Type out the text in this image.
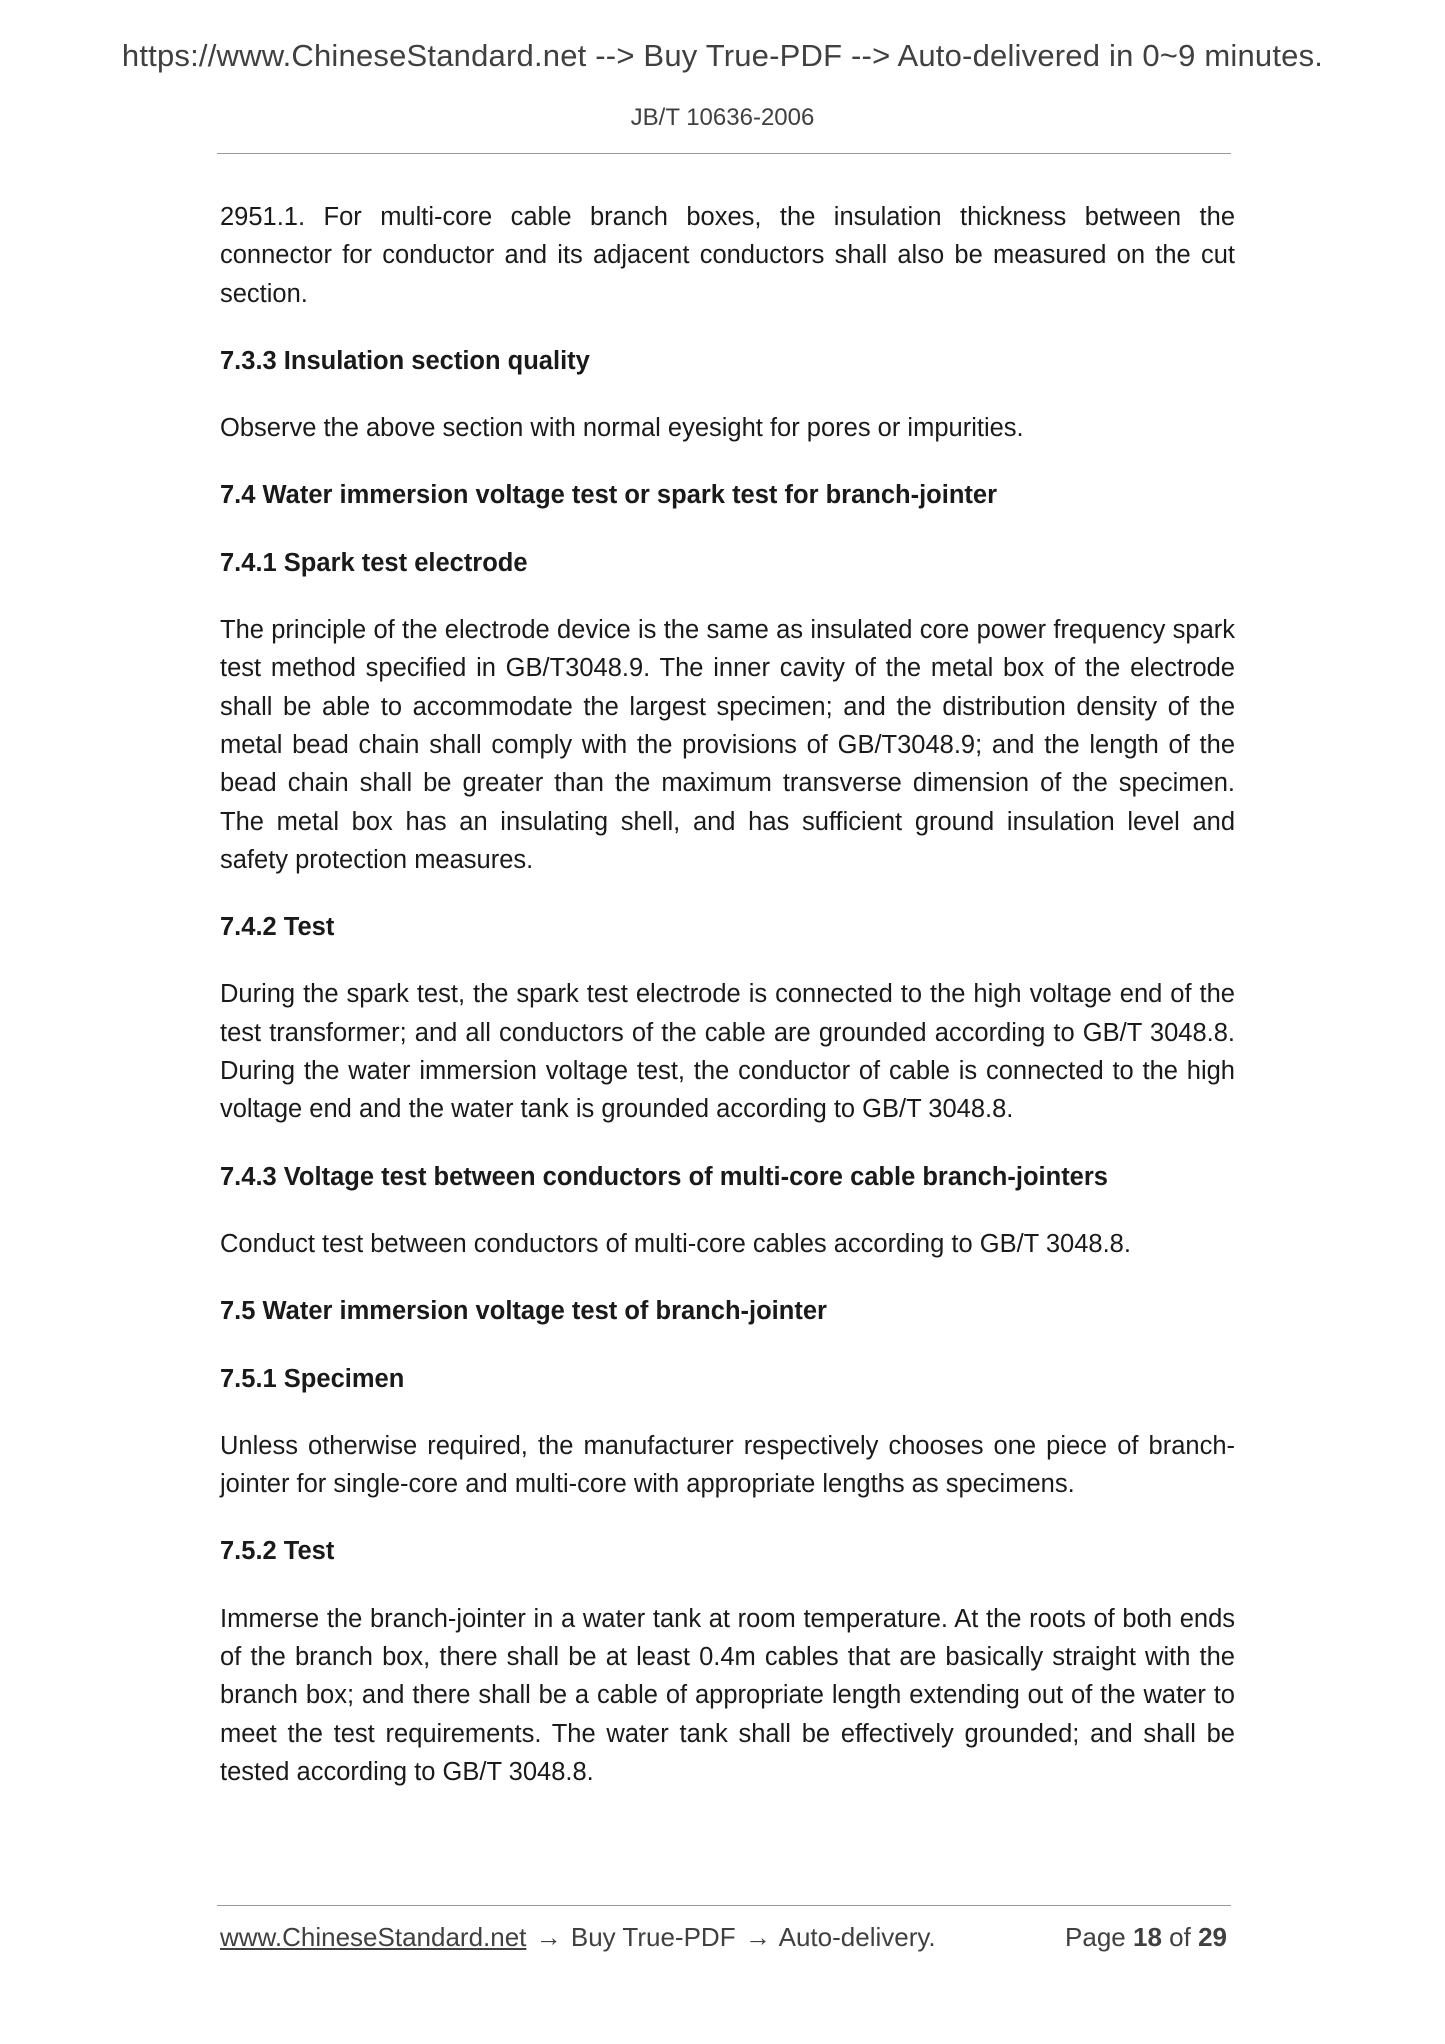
https://www.ChineseStandard.net --> Buy True-PDF --> Auto-delivered in 0~9 minutes.
JB/T 10636-2006

2951.1. For multi-core cable branch boxes, the insulation thickness between the connector for conductor and its adjacent conductors shall also be measured on the cut section.

7.3.3 Insulation section quality

Observe the above section with normal eyesight for pores or impurities.

7.4 Water immersion voltage test or spark test for branch-jointer

7.4.1 Spark test electrode

The principle of the electrode device is the same as insulated core power frequency spark test method specified in GB/T3048.9. The inner cavity of the metal box of the electrode shall be able to accommodate the largest specimen; and the distribution density of the metal bead chain shall comply with the provisions of GB/T3048.9; and the length of the bead chain shall be greater than the maximum transverse dimension of the specimen. The metal box has an insulating shell, and has sufficient ground insulation level and safety protection measures.

7.4.2 Test

During the spark test, the spark test electrode is connected to the high voltage end of the test transformer; and all conductors of the cable are grounded according to GB/T 3048.8. During the water immersion voltage test, the conductor of cable is connected to the high voltage end and the water tank is grounded according to GB/T 3048.8.

7.4.3 Voltage test between conductors of multi-core cable branch-jointers

Conduct test between conductors of multi-core cables according to GB/T 3048.8.

7.5 Water immersion voltage test of branch-jointer

7.5.1 Specimen

Unless otherwise required, the manufacturer respectively chooses one piece of branch-jointer for single-core and multi-core with appropriate lengths as specimens.

7.5.2 Test

Immerse the branch-jointer in a water tank at room temperature. At the roots of both ends of the branch box, there shall be at least 0.4m cables that are basically straight with the branch box; and there shall be a cable of appropriate length extending out of the water to meet the test requirements. The water tank shall be effectively grounded; and shall be tested according to GB/T 3048.8.

www.ChineseStandard.net → Buy True-PDF → Auto-delivery.	Page 18 of 29
